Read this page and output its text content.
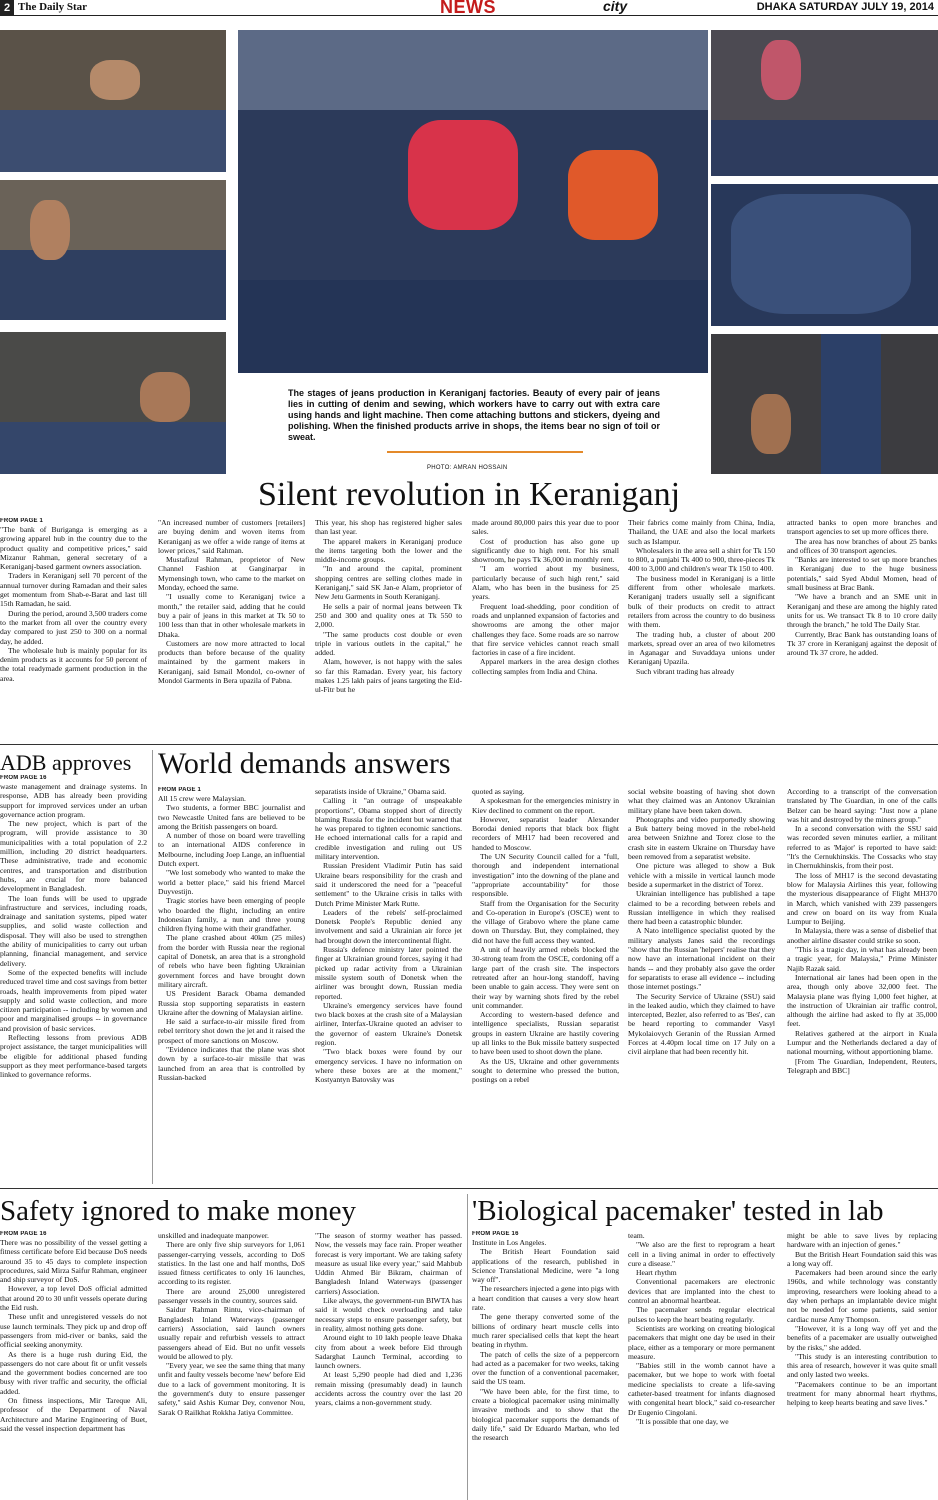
2 The Daily Star	NEWS	city	DHAKA SATURDAY JULY 19, 2014
The stages of jeans production in Keraniganj factories. Beauty of every pair of jeans lies in cutting of denim and sewing, which workers have to carry out with extra care using hands and light machine. Then come attaching buttons and stickers, dyeing and polishing. When the finished products arrive in shops, the items bear no sign of toil or sweat.
PHOTO: AMRAN HOSSAIN
Silent revolution in Keraniganj
FROM PAGE 1

"The bank of Buriganga is emerging as a growing apparel hub in the country due to the product quality and competitive prices," said Mizanur Rahman, general secretary of a Keraniganj-based garment owners association.

Traders in Keraniganj sell 70 percent of the annual turnover during Ramadan and their sales get momentum from Shab-e-Barat and last till 15th Ramadan, he said.

During the period, around 3,500 traders come to the market from all over the country every day compared to just 250 to 300 on a normal day, he added.

The wholesale hub is mainly popular for its denim products as it accounts for 50 percent of the total readymade garment production in the area.

"An increased number of customers [retailers] are buying denim and woven items from Keraniganj as we offer a wide range of items at lower prices," said Rahman.

Mustafizul Rahman, proprietor of New Channel Fashion at Ganginarpar in Mymensingh town, who came to the market on Monday, echoed the same.

"I usually come to Keraniganj twice a month," the retailer said, adding that he could buy a pair of jeans in this market at Tk 50 to 100 less than that in other wholesale markets in Dhaka.

Customers are now more attracted to local products than before because of the quality maintained by the garment makers in Keraniganj, said Ismail Mondol, co-owner of Mondol Garments in Bera upazila of Pabna.

This year, his shop has registered higher sales than last year.

The apparel makers in Keraniganj produce the items targeting both the lower and the middle-income groups.

"In and around the capital, prominent shopping centres are selling clothes made in Keraniganj," said SK Jan-e Alam, proprietor of New Jetu Garments in South Keraniganj.

He sells a pair of normal jeans between Tk 250 and 300 and quality ones at Tk 550 to 2,000.

"The same products cost double or even triple in various outlets in the capital," he added.

Alam, however, is not happy with the sales so far this Ramadan. Every year, his factory makes 1.25 lakh pairs of jeans targeting the Eid-ul-Fitr but he

made around 80,000 pairs this year due to poor sales.

Cost of production has also gone up significantly due to high rent. For his small showroom, he pays Tk 36,000 in monthly rent.

"I am worried about my business, particularly because of such high rent," said Alam, who has been in the business for 25 years.

Frequent load-shedding, poor condition of roads and unplanned expansion of factories and showrooms are among the other major challenges they face. Some roads are so narrow that fire service vehicles cannot reach small factories in case of a fire incident.

Apparel markers in the area design clothes collecting samples from India and China.

Their fabrics come mainly from China, India, Thailand, the UAE and also the local markets such as Islampur.

Wholesalers in the area sell a shirt for Tk 150 to 800, a punjabi Tk 400 to 900, three-pieces Tk 400 to 3,000 and children's wear Tk 150 to 400.

The business model in Keraniganj is a little different from other wholesale markets. Keraniganj traders usually sell a significant bulk of their products on credit to attract retailers from across the country to do business with them.

The trading hub, a cluster of about 200 markets, spread over an area of two kilometres in Aganagar and Suvaddaya unions under Keraniganj Upazila.

Such vibrant trading has already

attracted banks to open more branches and transport agencies to set up more offices there.

The area has now branches of about 25 banks and offices of 30 transport agencies.

"Banks are interested to set up more branches in Keraniganj due to the huge business potentials," said Syed Abdul Momen, head of small business at Brac Bank.

"We have a branch and an SME unit in Keraniganj and these are among the highly rated units for us. We transact Tk 8 to 10 crore daily through the branch," he told The Daily Star.

Currently, Brac Bank has outstanding loans of Tk 37 crore in Keraniganj against the deposit of around Tk 37 crore, he added.

ADB approves
FROM PAGE 16

waste management and drainage systems. In response, ADB has already been providing support for improved services under an urban governance action program.

The new project, which is part of the program, will provide assistance to 30 municipalities with a total population of 2.2 million, including 20 district headquarters. These administrative, trade and economic centres, and transportation and distribution hubs, are crucial for more balanced development in Bangladesh.

The loan funds will be used to upgrade infrastructure and services, including roads, drainage and sanitation systems, piped water supplies, and solid waste collection and disposal. They will also be used to strengthen the ability of municipalities to carry out urban planning, financial management, and service delivery.

Some of the expected benefits will include reduced travel time and cost savings from better roads, health improvements from piped water supply and solid waste collection, and more citizen participation -- including by women and poor and marginalised groups -- in governance and provision of basic services.

Reflecting lessons from previous ADB project assistance, the target municipalities will be eligible for additional phased funding support as they meet performance-based targets linked to governance reforms.

World demands answers
FROM PAGE 1

All 15 crew were Malaysian.

Two students, a former BBC journalist and two Newcastle United fans are believed to be among the British passengers on board.

A number of those on board were travelling to an international AIDS conference in Melbourne, including Joep Lange, an influential Dutch expert.

"We lost somebody who wanted to make the world a better place," said his friend Marcel Duyvestijn.

Tragic stories have been emerging of people who boarded the flight, including an entire Indonesian family, a nun and three young children flying home with their grandfather.

The plane crashed about 40km (25 miles) from the border with Russia near the regional capital of Donetsk, an area that is a stronghold of rebels who have been fighting Ukrainian government forces and have brought down military aircraft.

US President Barack Obama demanded Russia stop supporting separatists in eastern Ukraine after the downing of Malaysian airline.

He said a surface-to-air missile fired from rebel territory shot down the jet and it raised the prospect of more sanctions on Moscow.

"Evidence indicates that the plane was shot down by a surface-to-air missile that was launched from an area that is controlled by Russian-backed

separatists inside of Ukraine," Obama said.

Calling it "an outrage of unspeakable proportions", Obama stopped short of directly blaming Russia for the incident but warned that he was prepared to tighten economic sanctions. He echoed international calls for a rapid and credible investigation and ruling out US military intervention.

Russian President Vladimir Putin has said Ukraine bears responsibility for the crash and said it underscored the need for a "peaceful settlement" to the Ukraine crisis in talks with Dutch Prime Minister Mark Rutte.

Leaders of the rebels' self-proclaimed Donetsk People's Republic denied any involvement and said a Ukrainian air force jet had brought down the intercontinental flight.

Russia's defence ministry later pointed the finger at Ukrainian ground forces, saying it had picked up radar activity from a Ukrainian missile system south of Donetsk when the airliner was brought down, Russian media reported.

Ukraine's emergency services have found two black boxes at the crash site of a Malaysian airliner, Interfax-Ukraine quoted an adviser to the governor of eastern Ukraine's Donetsk region.

"Two black boxes were found by our emergency services. I have no information on where these boxes are at the moment," Kostyantyn Batovsky was

quoted as saying.

A spokesman for the emergencies ministry in Kiev declined to comment on the report.

However, separatist leader Alexander Borodai denied reports that black box flight recorders of MH17 had been recovered and handed to Moscow.

The UN Security Council called for a "full, thorough and independent international investigation" into the downing of the plane and "appropriate accountability" for those responsible.

Staff from the Organisation for the Security and Co-operation in Europe's (OSCE) went to the village of Grabovo where the plane came down on Thursday. But, they complained, they did not have the full access they wanted.

A unit of heavily armed rebels blocked the 30-strong team from the OSCE, cordoning off a large part of the crash site. The inspectors retreated after an hour-long standoff, having been unable to gain access. They were sent on their way by warning shots fired by the rebel unit commander.

According to western-based defence and intelligence specialists, Russian separatist groups in eastern Ukraine are hastily covering up all links to the Buk missile battery suspected to have been used to shoot down the plane.

As the US, Ukraine and other governments sought to determine who pressed the button, postings on a rebel

social website boasting of having shot down what they claimed was an Antonov Ukrainian military plane have been taken down.

Photographs and video purportedly showing a Buk battery being moved in the rebel-held area between Snizhne and Torez close to the crash site in eastern Ukraine on Thursday have been removed from a separatist website.

One picture was alleged to show a Buk vehicle with a missile in vertical launch mode beside a supermarket in the district of Torez.

Ukrainian intelligence has published a tape claimed to be a recording between rebels and Russian intelligence in which they realised there had been a catastrophic blunder.

A Nato intelligence specialist quoted by the military analysts Janes said the recordings "show that the Russian 'helpers' realise that they now have an international incident on their hands -- and they probably also gave the order for separatists to erase all evidence -- including those internet postings."

The Security Service of Ukraine (SSU) said in the leaked audio, which they claimed to have intercepted, Bezler, also referred to as 'Bes', can be heard reporting to commander Vasyl Mykolaiovych Geranin of the Russian Armed Forces at 4.40pm local time on 17 July on a civil airplane that had been recently hit.

According to a transcript of the conversation translated by The Guardian, in one of the calls Belzer can be heard saying: "Just now a plane was hit and destroyed by the miners group."

In a second conversation with the SSU said was recorded seven minutes earlier, a militant referred to as 'Major' is reported to have said: "It's the Cernukhinskis. The Cossacks who stay in Chernukhinskis, from their post.

The loss of MH17 is the second devastating blow for Malaysia Airlines this year, following the mysterious disappearance of Flight MH370 in March, which vanished with 239 passengers and crew on board on its way from Kuala Lumpur to Beijing.

In Malaysia, there was a sense of disbelief that another airline disaster could strike so soon.

"This is a tragic day, in what has already been a tragic year, for Malaysia," Prime Minister Najib Razak said.

International air lanes had been open in the area, though only above 32,000 feet. The Malaysia plane was flying 1,000 feet higher, at the instruction of Ukrainian air traffic control, although the airline had asked to fly at 35,000 feet.

Relatives gathered at the airport in Kuala Lumpur and the Netherlands declared a day of national mourning, without apportioning blame.

[From The Guardian, Independent, Reuters, Telegraph and BBC]

Safety ignored to make money
FROM PAGE 16

There was no possibility of the vessel getting a fitness certificate before Eid because DoS needs around 35 to 45 days to complete inspection procedures, said Mirza Saifur Rahman, engineer and ship surveyor of DoS.

However, a top level DoS official admitted that around 20 to 30 unfit vessels operate during the Eid rush.

These unfit and unregistered vessels do not use launch terminals. They pick up and drop off passengers from mid-river or banks, said the official seeking anonymity.

As there is a huge rush during Eid, the passengers do not care about fit or unfit vessels and the government bodies concerned are too busy with river traffic and security, the official added.

On fitness inspections, Mir Tareque Ali, professor of the Department of Naval Architecture and Marine Engineering of Buet, said the vessel inspection department has

unskilled and inadequate manpower.

There are only five ship surveyors for 1,061 passenger-carrying vessels, according to DoS statistics. In the last one and half months, DoS issued fitness certificates to only 16 launches, according to its register.

There are around 25,000 unregistered passenger vessels in the country, sources said.

Saidur Rahman Rintu, vice-chairman of Bangladesh Inland Waterways (passenger carriers) Association, said launch owners usually repair and refurbish vessels to attract passengers ahead of Eid. But no unfit vessels would be allowed to ply.

"Every year, we see the same thing that many unfit and faulty vessels become 'new' before Eid due to a lack of government monitoring. It is the government's duty to ensure passenger safety," said Ashis Kumar Dey, convenor Nou, Sarak O Railkhat Rokkha Jatiya Committee.

"The season of stormy weather has passed. Now, the vessels may face rain. Proper weather forecast is very important. We are taking safety measure as usual like every year," said Mahbub Uddin Ahmed Bir Bikram, chairman of Bangladesh Inland Waterways (passenger carriers) Association.

Like always, the government-run BIWTA has said it would check overloading and take necessary steps to ensure passenger safety, but in reality, almost nothing gets done.

Around eight to 10 lakh people leave Dhaka city from about a week before Eid through Sadarghat Launch Terminal, according to launch owners.

At least 5,290 people had died and 1,236 remain missing (presumably dead) in launch accidents across the country over the last 20 years, claims a non-government study.

'Biological pacemaker' tested in lab
FROM PAGE 16

Institute in Los Angeles.

The British Heart Foundation said applications of the research, published in Science Translational Medicine, were "a long way off".

The researchers injected a gene into pigs with a heart condition that causes a very slow heart rate.

The gene therapy converted some of the billions of ordinary heart muscle cells into much rarer specialised cells that kept the heart beating in rhythm.

The patch of cells the size of a peppercorn had acted as a pacemaker for two weeks, taking over the function of a conventional pacemaker, said the US team.

"We have been able, for the first time, to create a biological pacemaker using minimally invasive methods and to show that the biological pacemaker supports the demands of daily life," said Dr Eduardo Marban, who led the research

team.

"We also are the first to reprogram a heart cell in a living animal in order to effectively cure a disease."

Heart rhythm

Conventional pacemakers are electronic devices that are implanted into the chest to control an abnormal heartbeat.

The pacemaker sends regular electrical pulses to keep the heart beating regularly.

Scientists are working on creating biological pacemakers that might one day be used in their place, either as a temporary or more permanent measure.

"Babies still in the womb cannot have a pacemaker, but we hope to work with foetal medicine specialists to create a life-saving catheter-based treatment for infants diagnosed with congenital heart block," said co-researcher Dr Eugenio Cingolani.

"It is possible that one day, we

might be able to save lives by replacing hardware with an injection of genes."

But the British Heart Foundation said this was a long way off.

Pacemakers had been around since the early 1960s, and while technology was constantly improving, researchers were looking ahead to a day when perhaps an implantable device might not be needed for some patients, said senior cardiac nurse Amy Thompson.

"However, it is a long way off yet and the benefits of a pacemaker are usually outweighed by the risks," she added.

"This study is an interesting contribution to this area of research, however it was quite small and only lasted two weeks.

"Pacemakers continue to be an important treatment for many abnormal heart rhythms, helping to keep hearts beating and save lives."
